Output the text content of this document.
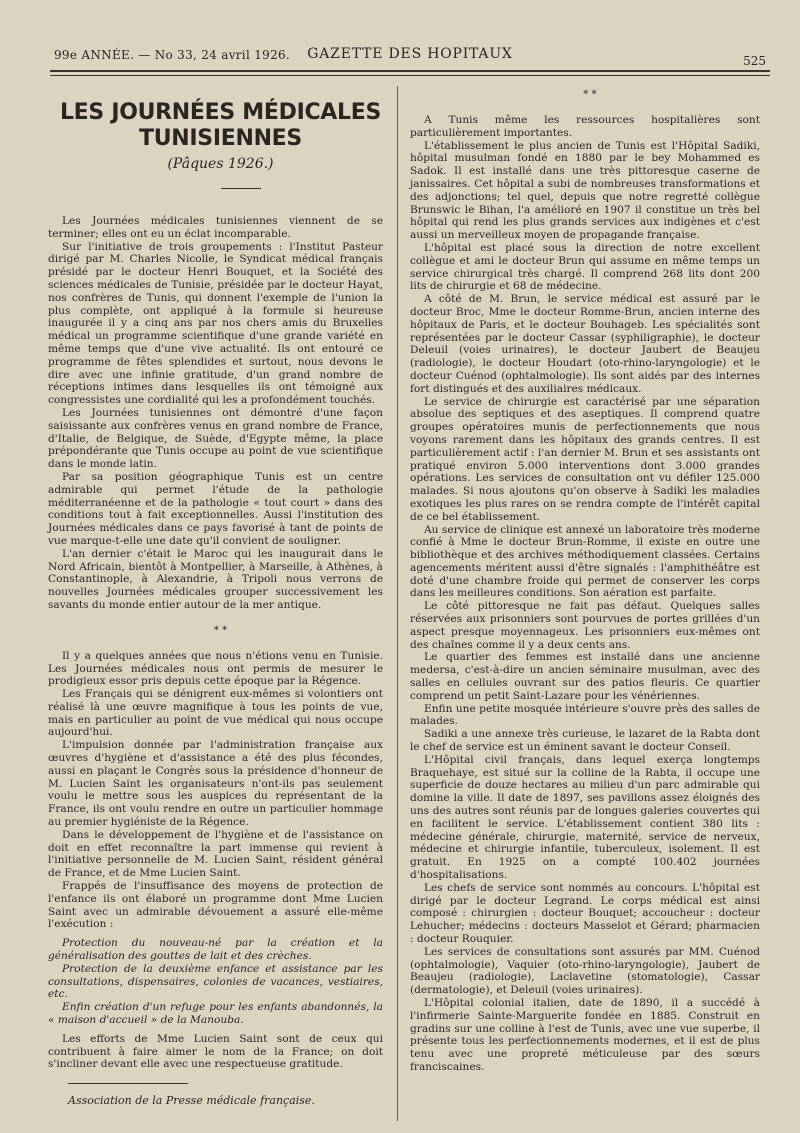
99e ANNÉE. — No 33, 24 avril 1926.	GAZETTE DES HOPITAUX	525
LES JOURNÉES MÉDICALES TUNISIENNES
(Pâques 1926.)

Les Journées médicales tunisiennes viennent de se terminer; elles ont eu un éclat incomparable.

Sur l'initiative de trois groupements : l'Institut Pasteur dirigé par M. Charles Nicolle, le Syndicat médical français présidé par le docteur Henri Bouquet, et la Société des sciences médicales de Tunisie, présidée par le docteur Hayat, nos confrères de Tunis, qui donnent l'exemple de l'union la plus complète, ont appliqué à la formule si heureuse inaugurée il y a cinq ans par nos chers amis du Bruxelles médical un programme scientifique d'une grande variété en même temps que d'une vive actualité. Ils ont entouré ce programme de fêtes splendides et surtout, nous devons le dire avec une infinie gratitude, d'un grand nombre de réceptions intimes dans lesquelles ils ont témoigné aux congressistes une cordialité qui les a profondément touchés.

Les Journées tunisiennes ont démontré d'une façon saisissante aux confrères venus en grand nombre de France, d'Italie, de Belgique, de Suède, d'Egypte même, la place prépondérante que Tunis occupe au point de vue scientifique dans le monde latin.

Par sa position géographique Tunis est un centre admirable qui permet l'étude de la pathologie méditerranéenne et de la pathologie « tout court » dans des conditions tout à fait exceptionnelles. Aussi l'institution des Journées médicales dans ce pays favorisé à tant de points de vue marque-t-elle une date qu'il convient de souligner.

L'an dernier c'était le Maroc qui les inaugurait dans le Nord Africain, bientôt à Montpellier, à Marseille, à Athènes, à Constantinople, à Alexandrie, à Tripoli nous verrons de nouvelles Journées médicales grouper successivement les savants du monde entier autour de la mer antique.

* *

Il y a quelques années que nous n'étions venu en Tunisie. Les Journées médicales nous ont permis de mesurer le prodigieux essor pris depuis cette époque par la Régence.

Les Français qui se dénigrent eux-mêmes si volontiers ont réalisé là une œuvre magnifique à tous les points de vue, mais en particulier au point de vue médical qui nous occupe aujourd'hui.

L'impulsion donnée par l'administration française aux œuvres d'hygiène et d'assistance a été des plus fécondes, aussi en plaçant le Congrès sous la présidence d'honneur de M. Lucien Saint les organisateurs n'ont-ils pas seulement voulu le mettre sous les auspices du représentant de la France, ils ont voulu rendre en outre un particulier hommage au premier hygiéniste de la Régence.

Dans le développement de l'hygiène et de l'assistance on doit en effet reconnaître la part immense qui revient à l'initiative personnelle de M. Lucien Saint, résident général de France, et de Mme Lucien Saint.

Frappés de l'insuffisance des moyens de protection de l'enfance ils ont élaboré un programme dont Mme Lucien Saint avec un admirable dévouement a assuré elle-même l'exécution :

Protection du nouveau-né par la création et la généralisation des gouttes de lait et des crèches.

Protection de la deuxième enfance et assistance par les consultations, dispensaires, colonies de vacances, vestiaires, etc.

Enfin création d'un refuge pour les enfants abandonnés, la « maison d'accueil » de la Manouba.

Les efforts de Mme Lucien Saint sont de ceux qui contribuent à faire aimer le nom de la France; on doit s'incliner devant elle avec une respectueuse gratitude.

Association de la Presse médicale française.
* *

A Tunis même les ressources hospitalières sont particulièrement importantes.

L'établissement le plus ancien de Tunis est l'Hôpital Sadiki, hôpital musulman fondé en 1880 par le bey Mohammed es Sadok. Il est installé dans une très pittoresque caserne de janissaires. Cet hôpital a subi de nombreuses transformations et des adjonctions; tel quel, depuis que notre regretté collègue Brunswic le Bihan, l'a amélioré en 1907 il constitue un très bel hôpital qui rend les plus grands services aux indigènes et c'est aussi un merveilleux moyen de propagande française.

L'hôpital est placé sous la direction de notre excellent collègue et ami le docteur Brun qui assume en même temps un service chirurgical très chargé. Il comprend 268 lits dont 200 lits de chirurgie et 68 de médecine.

A côté de M. Brun, le service médical est assuré par le docteur Broc, Mme le docteur Romme-Brun, ancien interne des hôpitaux de Paris, et le docteur Bouhageb. Les spécialités sont représentées par le docteur Cassar (syphiligraphie), le docteur Deleuil (voies urinaires), le docteur Jaubert de Beaujeu (radiologie), le docteur Houdart (oto-rhino-laryngologie) et le docteur Cuénod (ophtalmologie). Ils sont aidés par des internes fort distingués et des auxiliaires médicaux.

Le service de chirurgie est caractérisé par une séparation absolue des septiques et des aseptiques. Il comprend quatre groupes opératoires munis de perfectionnements que nous voyons rarement dans les hôpitaux des grands centres. Il est particulièrement actif : l'an dernier M. Brun et ses assistants ont pratiqué environ 5.000 interventions dont 3.000 grandes opérations. Les services de consultation ont vu défiler 125.000 malades. Si nous ajoutons qu'on observe à Sadiki les maladies exotiques les plus rares on se rendra compte de l'intérêt capital de ce bel établissement.

Au service de clinique est annexé un laboratoire très moderne confié à Mme le docteur Brun-Romme, il existe en outre une bibliothèque et des archives méthodiquement classées. Certains agencements méritent aussi d'être signalés : l'amphithéâtre est doté d'une chambre froide qui permet de conserver les corps dans les meilleures conditions. Son aération est parfaite.

Le côté pittoresque ne fait pas défaut. Quelques salles réservées aux prisonniers sont pourvues de portes grillées d'un aspect presque moyennageux. Les prisonniers eux-mêmes ont des chaînes comme il y a deux cents ans.

Le quartier des femmes est installé dans une ancienne medersa, c'est-à-dire un ancien séminaire musulman, avec des salles en cellules ouvrant sur des patios fleuris. Ce quartier comprend un petit Saint-Lazare pour les vénériennes.

Enfin une petite mosquée intérieure s'ouvre près des salles de malades.

Sadiki a une annexe très curieuse, le lazaret de la Rabta dont le chef de service est un éminent savant le docteur Conseil.

L'Hôpital civil français, dans lequel exerça longtemps Braquehaye, est situé sur la colline de la Rabta, il occupe une superficie de douze hectares au milieu d'un parc admirable qui domine la ville. Il date de 1897, ses pavillons assez éloignés des uns des autres sont réunis par de longues galeries couvertes qui en facilitent le service. L'établissement contient 380 lits : médecine générale, chirurgie, maternité, service de nerveux, médecine et chirurgie infantile, tuberculeux, isolement. Il est gratuit. En 1925 on a compté 100.402 journées d'hospitalisations.

Les chefs de service sont nommés au concours. L'hôpital est dirigé par le docteur Legrand. Le corps médical est ainsi composé : chirurgien : docteur Bouquet; accoucheur : docteur Lehucher; médecins : docteurs Masselot et Gérard; pharmacien : docteur Rouquier.

Les services de consultations sont assurés par MM. Cuénod (ophtalmologie), Vaquier (oto-rhino-laryngologie), Jaubert de Beaujeu (radiologie), Laclavetine (stomatologie), Cassar (dermatologie), et Deleuil (voies urinaires).

L'Hôpital colonial italien, date de 1890, il a succédé à l'infirmerie Sainte-Marguerite fondée en 1885. Construit en gradins sur une colline à l'est de Tunis, avec une vue superbe, il présente tous les perfectionnements modernes, et il est de plus tenu avec une propreté méticuleuse par des sœurs franciscaines.
